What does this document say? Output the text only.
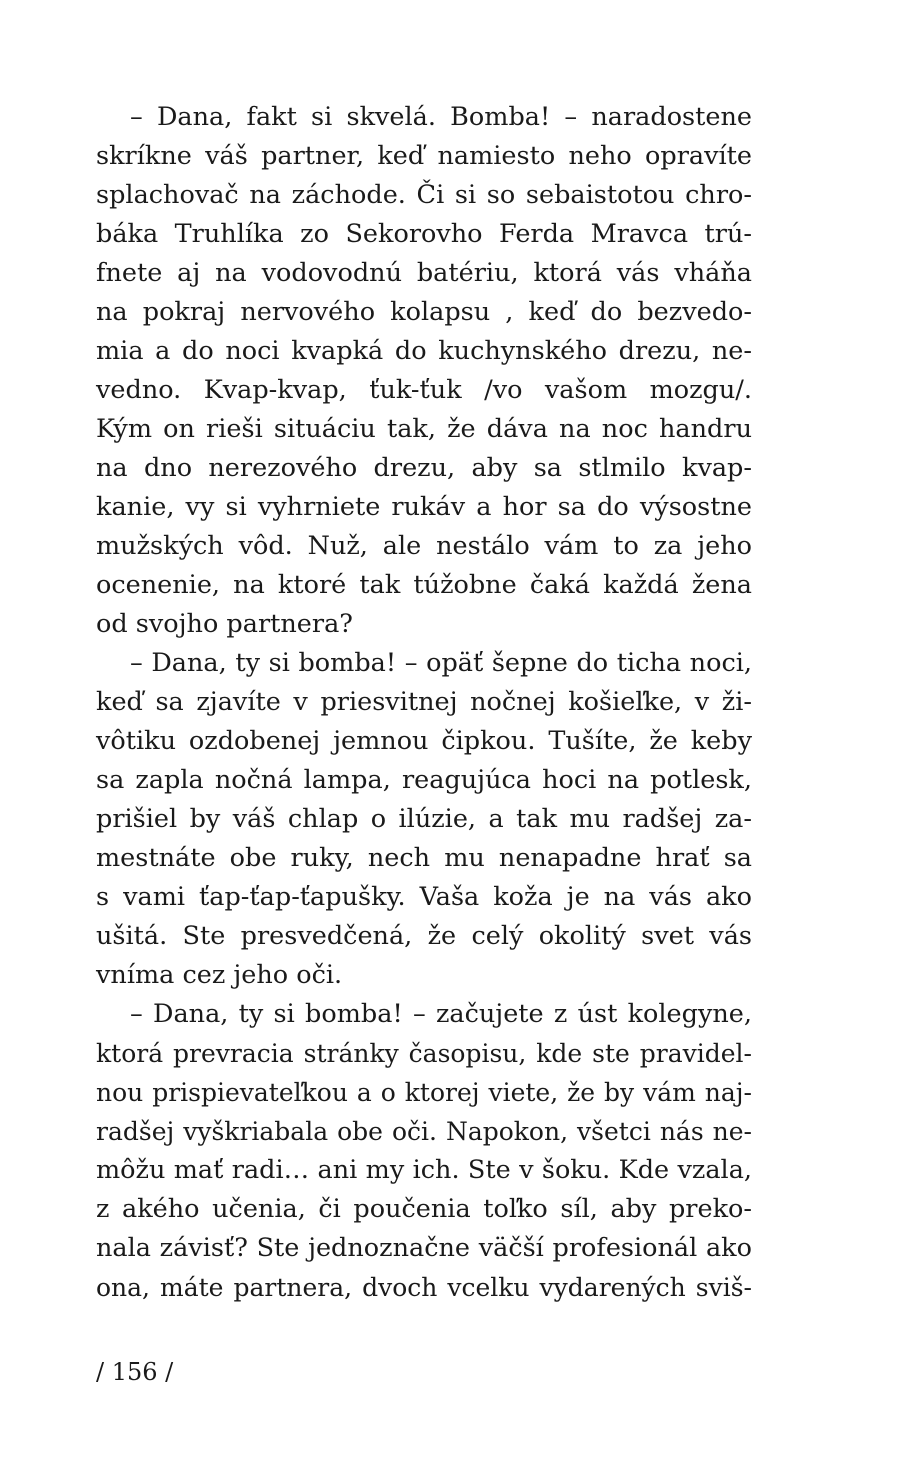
– Dana, fakt si skvelá. Bomba! – naradostene
skríkne váš partner, keď namiesto neho opravíte
splachovač na záchode. Či si so sebaistotou chro-
báka Truhlíka zo Sekorovho Ferda Mravca trú-
fnete aj na vodovodnú batériu, ktorá vás vháňa
na pokraj nervového kolapsu , keď do bezvedo-
mia a do noci kvapká do kuchynského drezu, ne-
vedno. Kvap-kvap, ťuk-ťuk /vo vašom mozgu/.
Kým on rieši situáciu tak, že dáva na noc handru
na dno nerezového drezu, aby sa stlmilo kvap-
kanie, vy si vyhrniete rukáv a hor sa do výsostne
mužských vôd. Nuž, ale nestálo vám to za jeho
ocenenie, na ktoré tak túžobne čaká každá žena
od svojho partnera?
– Dana, ty si bomba! – opäť šepne do ticha noci,
keď sa zjavíte v priesvitnej nočnej košieľke, v ži-
vôtiku ozdobenej jemnou čipkou. Tušíte, že keby
sa zapla nočná lampa, reagujúca hoci na potlesk,
prišiel by váš chlap o ilúzie, a tak mu radšej za-
mestnáte obe ruky, nech mu nenapadne hrať sa
s vami ťap-ťap-ťapušky. Vaša koža je na vás ako
ušitá. Ste presvedčená, že celý okolitý svet vás
vníma cez jeho oči.
– Dana, ty si bomba! – začujete z úst kolegyne,
ktorá prevracia stránky časopisu, kde ste pravidel-
nou prispievateľkou a o ktorej viete, že by vám naj-
radšej vyškriabala obe oči. Napokon, všetci nás ne-
môžu mať radi… ani my ich. Ste v šoku. Kde vzala,
z akého učenia, či poučenia toľko síl, aby preko-
nala závisť? Ste jednoznačne väčší profesionál ako
ona, máte partnera, dvoch vcelku vydarených sviš-
/ 156 /
